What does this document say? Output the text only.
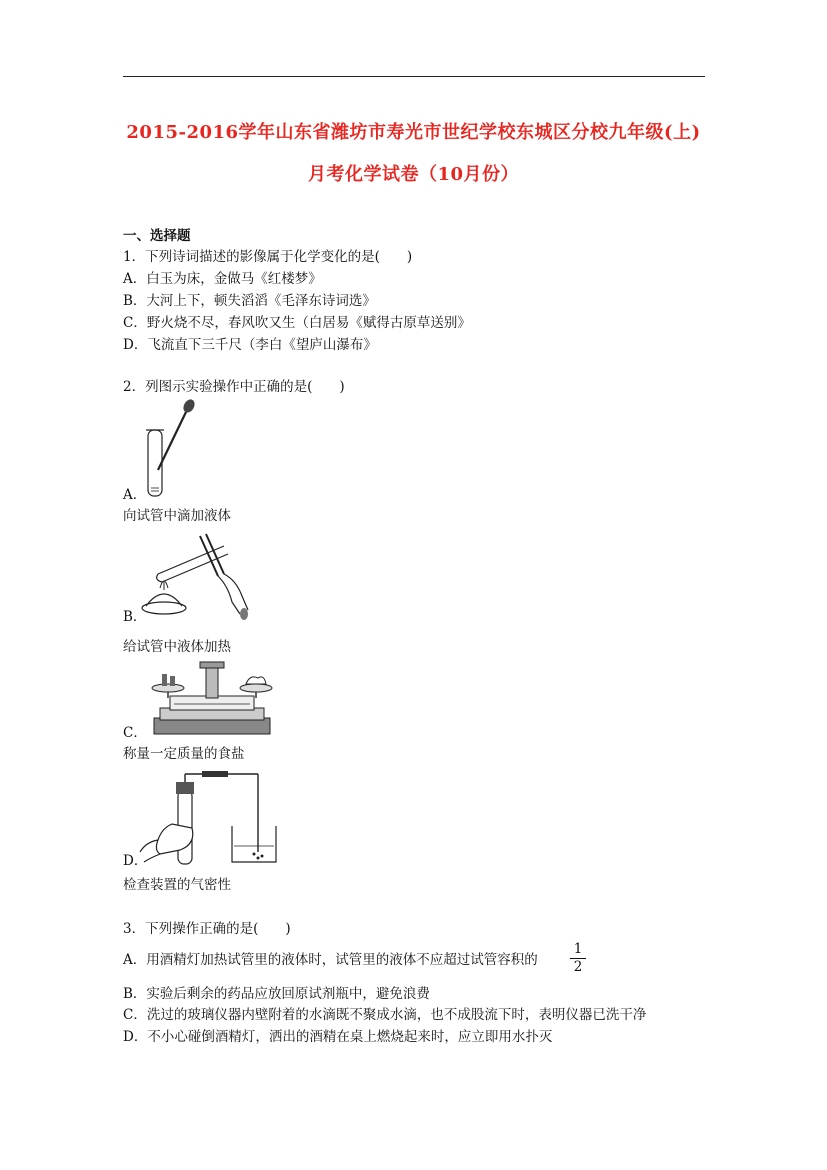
2015-2016学年山东省潍坊市寿光市世纪学校东城区分校九年级(上)
月考化学试卷（10月份）
一、选择题
1．下列诗词描述的影像属于化学变化的是(　　)
A．白玉为床，金做马《红楼梦》
B．大河上下，顿失滔滔《毛泽东诗词选》
C．野火烧不尽，春风吹又生（白居易《赋得古原草送别》
D．飞流直下三千尺（李白《望庐山瀑布》
2．列图示实验操作中正确的是(　　)
A．
向试管中滴加液体
B．
给试管中液体加热
C．
称量一定质量的食盐
D．
检查装置的气密性
3．下列操作正确的是(　　)
A．用酒精灯加热试管里的液体时，试管里的液体不应超过试管容积的
1
2
B．实验后剩余的药品应放回原试剂瓶中，避免浪费
C．洗过的玻璃仪器内壁附着的水滴既不聚成水滴，也不成股流下时，表明仪器已洗干净
D．不小心碰倒酒精灯，洒出的酒精在桌上燃烧起来时，应立即用水扑灭
